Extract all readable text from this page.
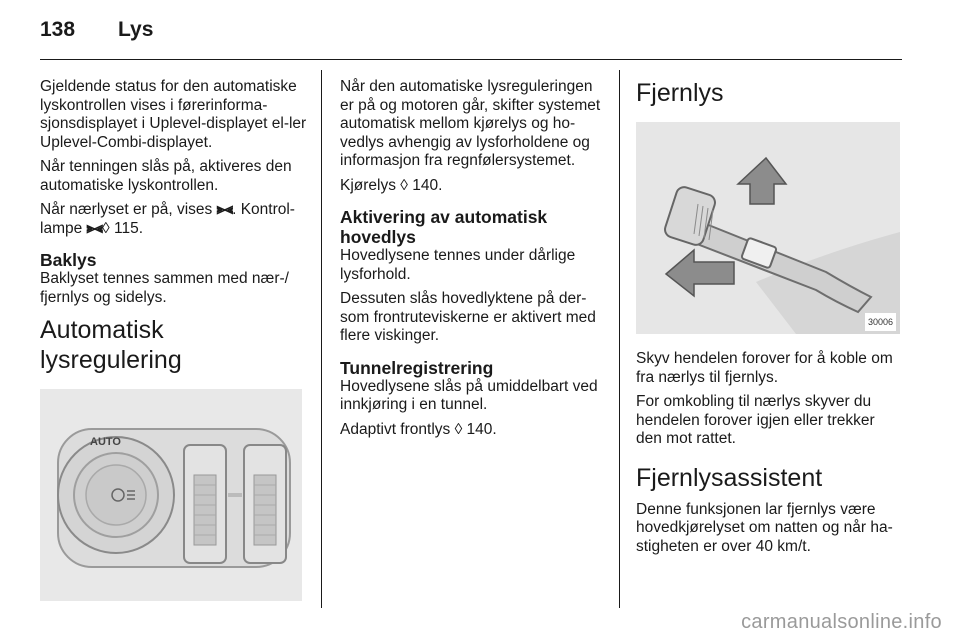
138 Lys

Gjeldende status for den automatiske lyskontrollen vises i førerinforma-sjonsdisplayet i Uplevel-displayet el-ler Uplevel-Combi-displayet.

Når tenningen slås på, aktiveres den automatiske lyskontrollen.

Når nærlyset er på, vises ⫸⫷. Kontrol-lampe ⫸⫷◊ 115.

Baklys

Baklyset tennes sammen med nær-/ fjernlys og sidelys.

Automatisk lysregulering
AUTO

Når den automatiske lysreguleringen er på og motoren går, skifter systemet automatisk mellom kjørelys og ho-vedlys avhengig av lysforholdene og informasjon fra regnfølersystemet.

Kjørelys ◊ 140.

Aktivering av automatisk hovedlys

Hovedlysene tennes under dårlige lysforhold.

Dessuten slås hovedlyktene på der-som frontruteviskerne er aktivert med flere viskinger.

Tunnelregistrering

Hovedlysene slås på umiddelbart ved innkjøring i en tunnel.

Adaptivt frontlys ◊ 140.

Fjernlys
30006

Skyv hendelen forover for å koble om fra nærlys til fjernlys.

For omkobling til nærlys skyver du hendelen forover igjen eller trekker den mot rattet.

Fjernlysassistent

Denne funksjonen lar fjernlys være hovedkjørelyset om natten og når ha-stigheten er over 40 km/t.

carmanualsonline.info
